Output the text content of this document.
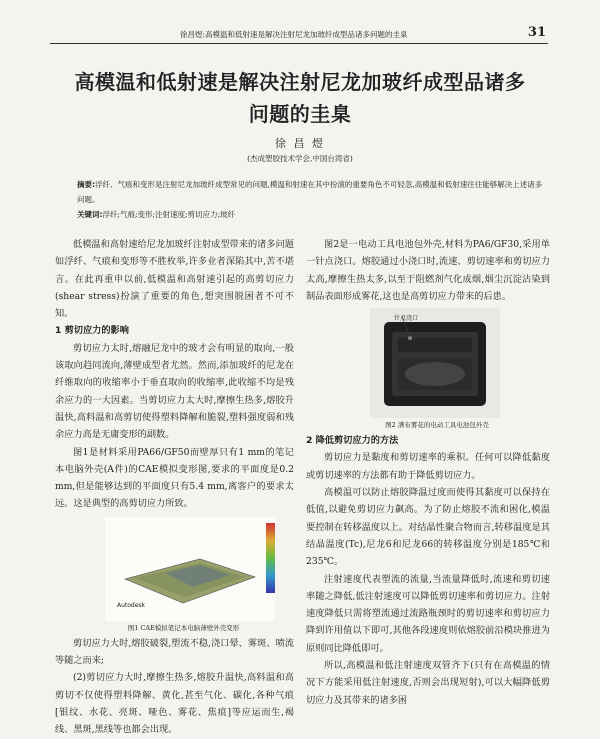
徐昌煜:高模温和低射速是解决注射尼龙加玻纤成型品诸多问题的圭臬	31
高模温和低射速是解决注射尼龙加玻纤成型品诸多
问题的圭臬
徐 昌 煜
(杰成塑胶技术学会,中国台湾省)
摘要:浮纤、气痕和变形是注射尼龙加玻纤成型常见的问题,模温和射速在其中扮演的重要角色不可轻忽,高模温和低射速往往能够解决上述诸多问题。
关键词:浮纤;气痕;变形;注射速度;剪切应力;玻纤

低模温和高射速给尼龙加玻纤注射成型带来的诸多问题如浮纤、气痕和变形等不胜枚举,许多业者深陷其中,苦不堪言。在此再重申以前,低模温和高射速引起的高剪切应力(shear stress)扮演了重要的角色,想突围脱困者不可不知。

1 剪切应力的影响

剪切应力太时,熔融尼龙中的玻才会有明显的取向,一般该取向趋同流向,薄壁成型者尤然。然而,添加玻纤的尼龙在纤维取向的收缩率小于垂直取向的收缩率,此收缩不均是残余应力的一大因素。当剪切应力太大时,摩擦生热多,熔胶升温快,高料温和高剪切使得塑料降解和脆裂,塑料强度弱和残余应力高是无庸变形的副数。

图1是材料采用PA66/GF50而壁厚只有1 mm的笔记本电脑外壳(A件)的CAE模拟变形图,要求的平面度是0.2 mm,但是能够达到的平面度只有5.4 mm,离客户的要求太远。这是典型的高剪切应力所致。

Autodesk

图1 CAE模拟笔记本电脑薄壁外壳变形

剪切应力大时,熔胶破裂,塑流不稳,浇口晕、雾斑、喷流等随之而来;

(2)剪切应力大时,摩擦生热多,熔胶升温快,高料温和高剪切不仅使得塑料降解、黄化,甚至气化、碳化,各种气痕[银纹、水花、亮斑、哑色、雾花、焦痕]等应运而生,褐线、黑斑,黑线等也都会出现。

图2是一电动工具电池包外壳,材料为PA6/GF30,采用单一针点浇口。熔胶通过小浇口时,流速、剪切速率和剪切应力太高,摩擦生热太多,以至于阻燃剂气化成烟,烟尘沉淀沾染到制品表面形成雾花,这也是高剪切应力带来的后患。

针点浇口

图2 满布雾花的电动工具电池包外壳

2 降低剪切应力的方法

剪切应力是黏度和剪切速率的乘积。任何可以降低黏度或剪切速率的方法都有助于降低剪切应力。

高模温可以防止熔胶降温过度而使得其黏度可以保持在低值,以避免剪切应力飙高。为了防止熔胶不流和困化,模温要控制在转移温度以上。对结晶性聚合物而言,转移温度是其结晶温度(Tc),尼龙6和尼龙66的转移温度分别是185℃和235℃。

注射速度代表塑流的流量,当流量降低时,流速和剪切速率随之降低,低注射速度可以降低剪切速率和剪切应力。注射速度降低只需将塑流通过流路瓶颈时的剪切速率和剪切应力降到许用值以下即可,其他各段速度则依熔胶前沿模块推进为原则同比降低即可。

所以,高模温和低注射速度双管齐下(只有在高模温的情况下方能采用低注射速度,否则会出现短射),可以大幅降低剪切应力及其带来的诸多困
